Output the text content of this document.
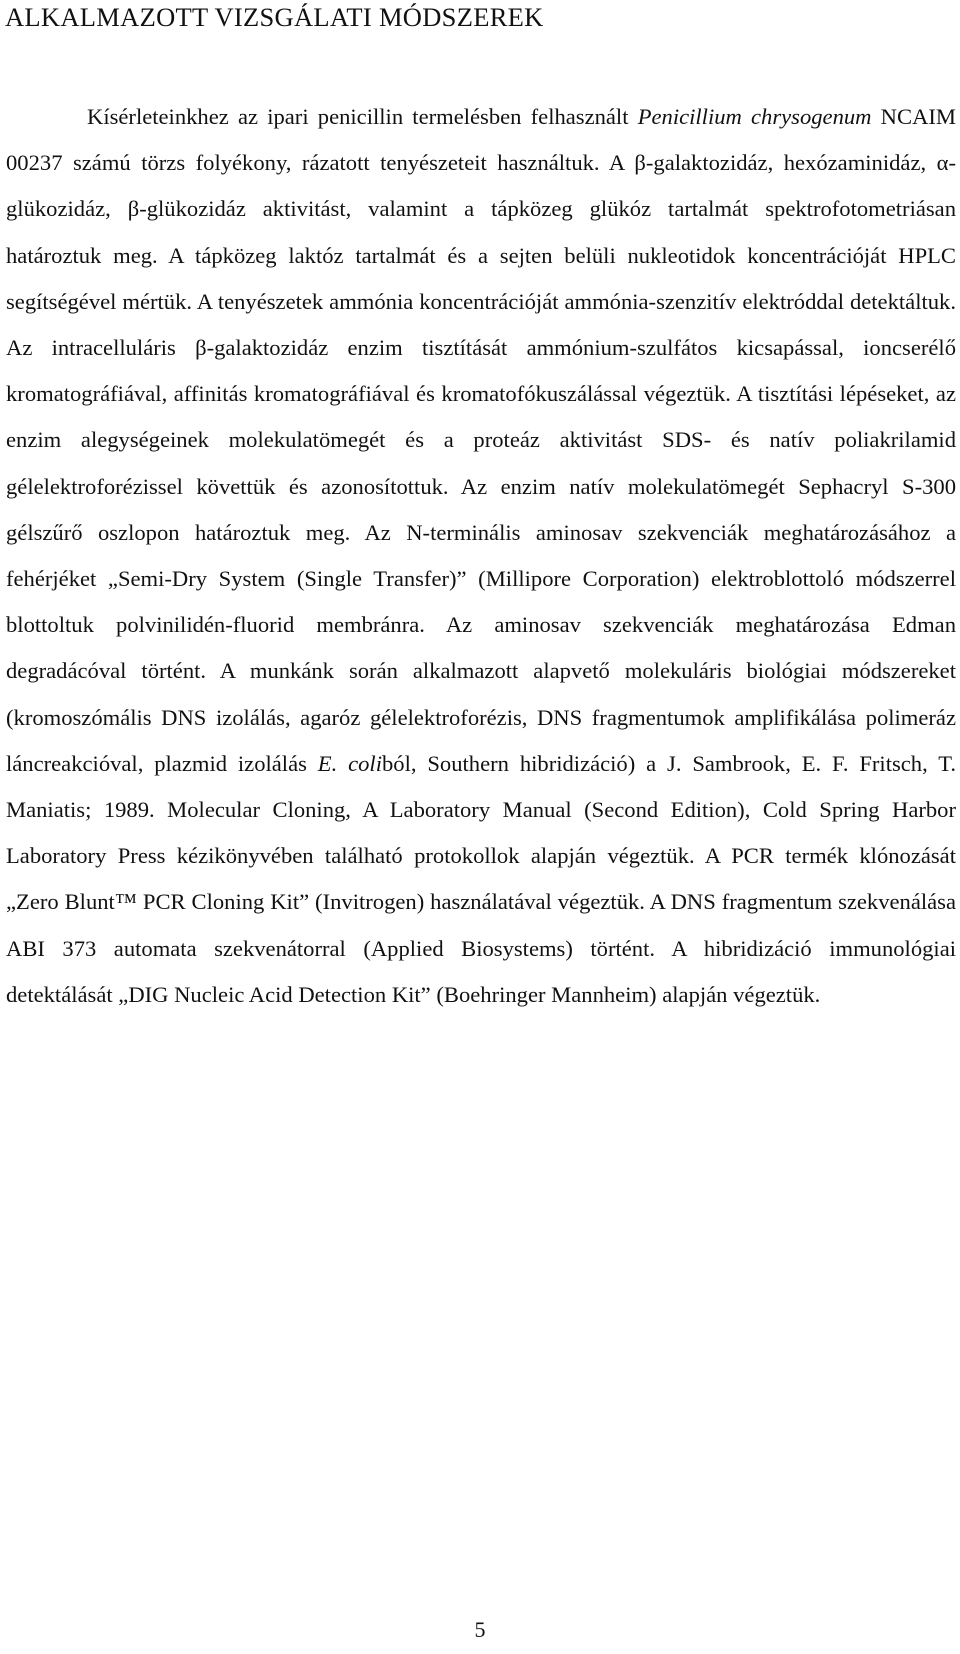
ALKALMAZOTT VIZSGÁLATI MÓDSZEREK

Kísérleteinkhez az ipari penicillin termelésben felhasznált Penicillium chrysogenum NCAIM 00237 számú törzs folyékony, rázatott tenyészeteit használtuk. A β-galaktozidáz, hexózaminidáz, α-glükozidáz, β-glükozidáz aktivitást, valamint a tápközeg glükóz tartalmát spektrofotometriásan határoztuk meg. A tápközeg laktóz tartalmát és a sejten belüli nukleotidok koncentrációját HPLC segítségével mértük. A tenyészetek ammónia koncentrációját ammónia-szenzitív elektróddal detektáltuk. Az intracelluláris β-galaktozidáz enzim tisztítását ammónium-szulfátos kicsapással, ioncserélő kromatográfiával, affinitás kromatográfiával és kromatofókuszálással végeztük. A tisztítási lépéseket, az enzim alegységeinek molekulatömegét és a proteáz aktivitást SDS- és natív poliakrilamid gélelektroforézissel követtük és azonosítottuk. Az enzim natív molekulatömegét Sephacryl S-300 gélszűrő oszlopon határoztuk meg. Az N-terminális aminosav szekvenciák meghatározásához a fehérjéket „Semi-Dry System (Single Transfer)” (Millipore Corporation) elektroblottoló módszerrel blottoltuk polvinilidén-fluorid membránra. Az aminosav szekvenciák meghatározása Edman degradácóval történt. A munkánk során alkalmazott alapvető molekuláris biológiai módszereket (kromoszómális DNS izolálás, agaróz gélelektroforézis, DNS fragmentumok amplifikálása polimeráz láncreakcióval, plazmid izolálás E. coliból, Southern hibridizáció) a J. Sambrook, E. F. Fritsch, T. Maniatis; 1989. Molecular Cloning, A Laboratory Manual (Second Edition), Cold Spring Harbor Laboratory Press kézikönyvében található protokollok alapján végeztük. A PCR termék klónozását „Zero Blunt™ PCR Cloning Kit” (Invitrogen) használatával végeztük. A DNS fragmentum szekvenálása ABI 373 automata szekvenátorral (Applied Biosystems) történt. A hibridizáció immunológiai detektálását „DIG Nucleic Acid Detection Kit” (Boehringer Mannheim) alapján végeztük.

5
